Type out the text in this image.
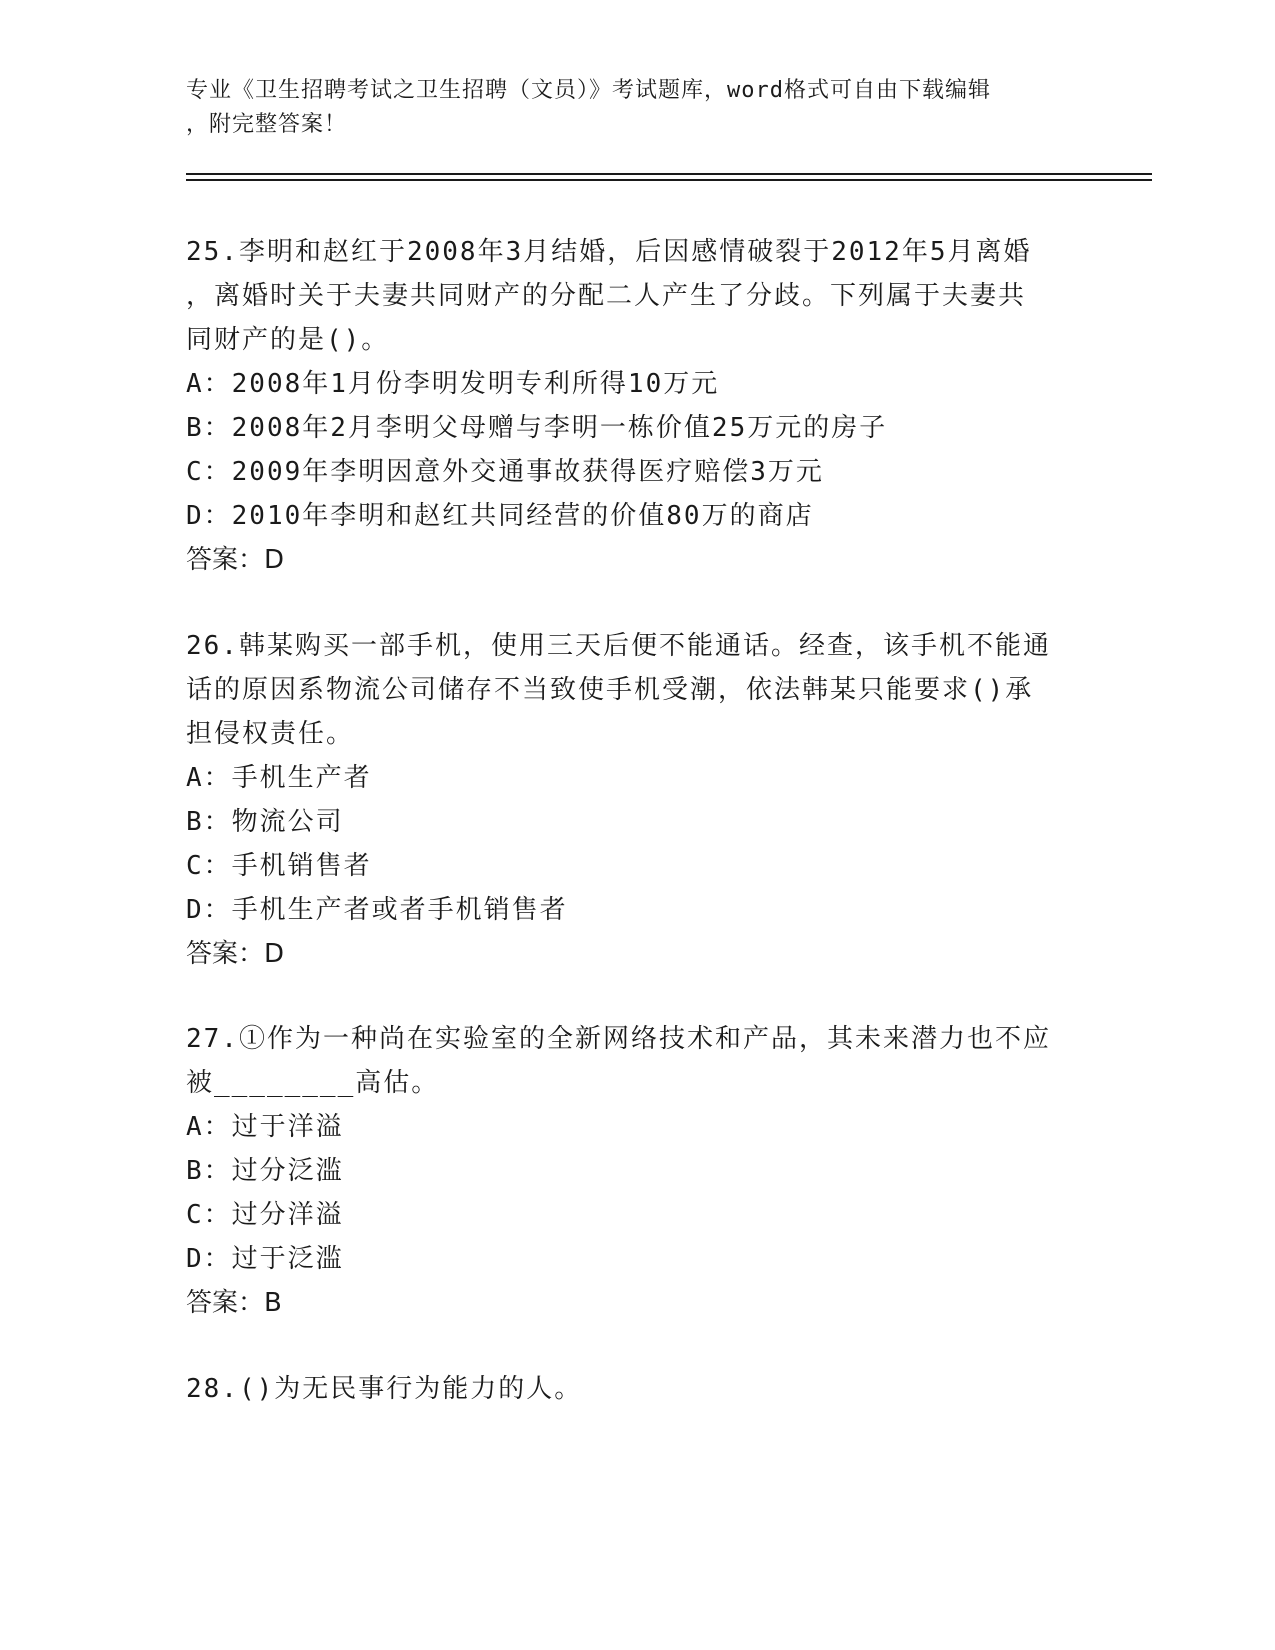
专业《卫生招聘考试之卫生招聘（文员）》考试题库，word格式可自由下载编辑
，附完整答案！
25.李明和赵红于2008年3月结婚，后因感情破裂于2012年5月离婚
，离婚时关于夫妻共同财产的分配二人产生了分歧。下列属于夫妻共
同财产的是()。
A：2008年1月份李明发明专利所得10万元
B：2008年2月李明父母赠与李明一栋价值25万元的房子
C：2009年李明因意外交通事故获得医疗赔偿3万元
D：2010年李明和赵红共同经营的价值80万的商店
答案：D
26.韩某购买一部手机，使用三天后便不能通话。经查，该手机不能通
话的原因系物流公司储存不当致使手机受潮，依法韩某只能要求()承
担侵权责任。
A：手机生产者
B：物流公司
C：手机销售者
D：手机生产者或者手机销售者
答案：D
27.①作为一种尚在实验室的全新网络技术和产品，其未来潜力也不应
被________高估。
A：过于洋溢
B：过分泛滥
C：过分洋溢
D：过于泛滥
答案：B
28.()为无民事行为能力的人。
